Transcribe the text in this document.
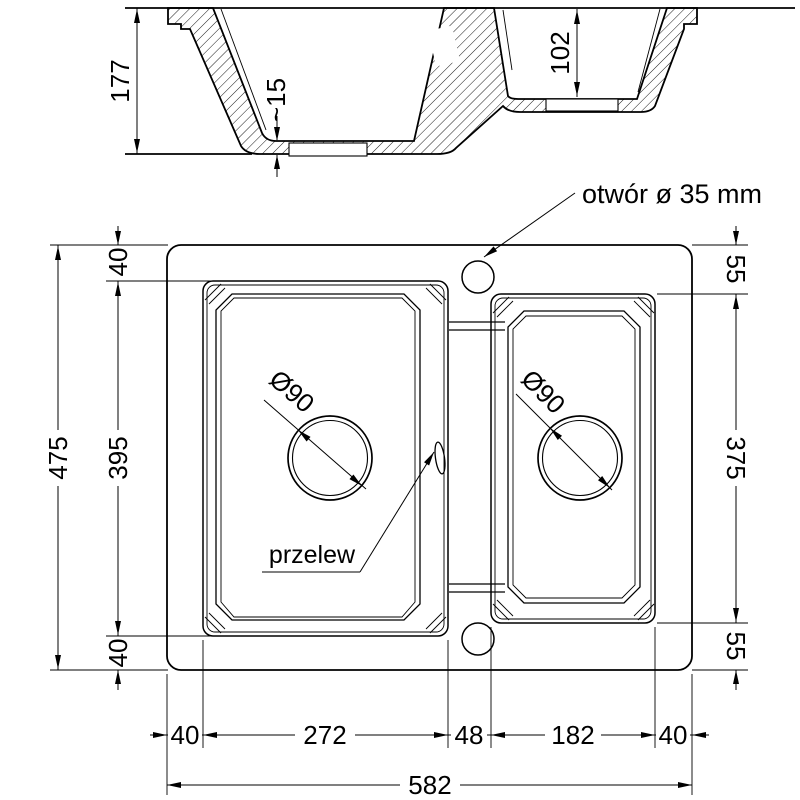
177	~15
102
Ø90	Ø90
przelew
otwór ø 35 mm
475
40
395
40
55
375
55
40	272	48	182 40
582
